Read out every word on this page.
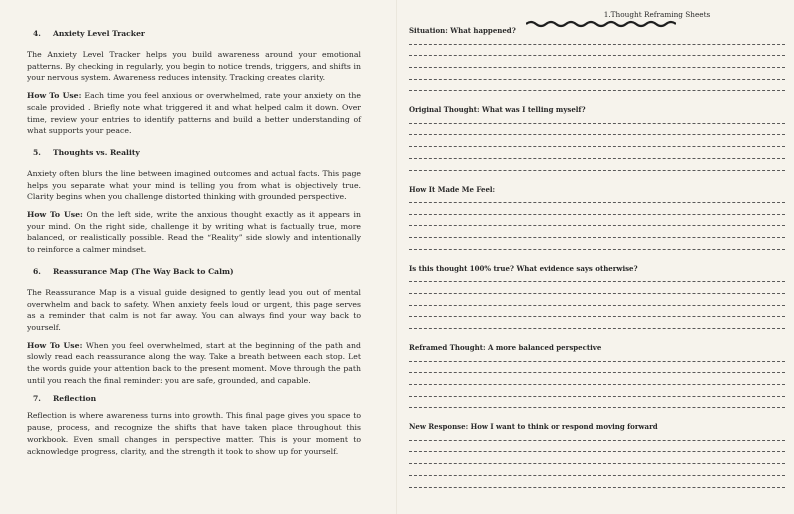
4.	Anxiety Level Tracker

The Anxiety Level Tracker helps you build awareness around your emotional patterns. By checking in regularly, you begin to notice trends, triggers, and shifts in your nervous system. Awareness reduces intensity. Tracking creates clarity.

How To Use: Each time you feel anxious or overwhelmed, rate your anxiety on the scale provided . Briefly note what triggered it and what helped calm it down. Over time, review your entries to identify patterns and build a better understanding of what supports your peace.

5.	Thoughts vs. Reality

Anxiety often blurs the line between imagined outcomes and actual facts. This page helps you separate what your mind is telling you from what is objectively true. Clarity begins when you challenge distorted thinking with grounded perspective.

How To Use: On the left side, write the anxious thought exactly as it appears in your mind. On the right side, challenge it by writing what is factually true, more balanced, or realistically possible. Read the “Reality” side slowly and intentionally to reinforce a calmer mindset.

6.	Reassurance Map (The Way Back to Calm)

The Reassurance Map is a visual guide designed to gently lead you out of mental overwhelm and back to safety. When anxiety feels loud or urgent, this page serves as a reminder that calm is not far away. You can always find your way back to yourself.

How To Use: When you feel overwhelmed, start at the beginning of the path and slowly read each reassurance along the way. Take a breath between each stop. Let the words guide your attention back to the present moment. Move through the path until you reach the final reminder: you are safe, grounded, and capable.

7.	Reflection

Reflection is where awareness turns into growth. This final page gives you space to pause, process, and recognize the shifts that have taken place throughout this workbook. Even small changes in perspective matter. This is your moment to acknowledge progress, clarity, and the strength it took to show up for yourself.

1.Thought Reframing Sheets

Situation: What happened?

Original Thought: What was I telling myself?

How It Made Me Feel:

Is this thought 100% true? What evidence says otherwise?

Reframed Thought: A more balanced perspective

New Response: How I want to think or respond moving forward
